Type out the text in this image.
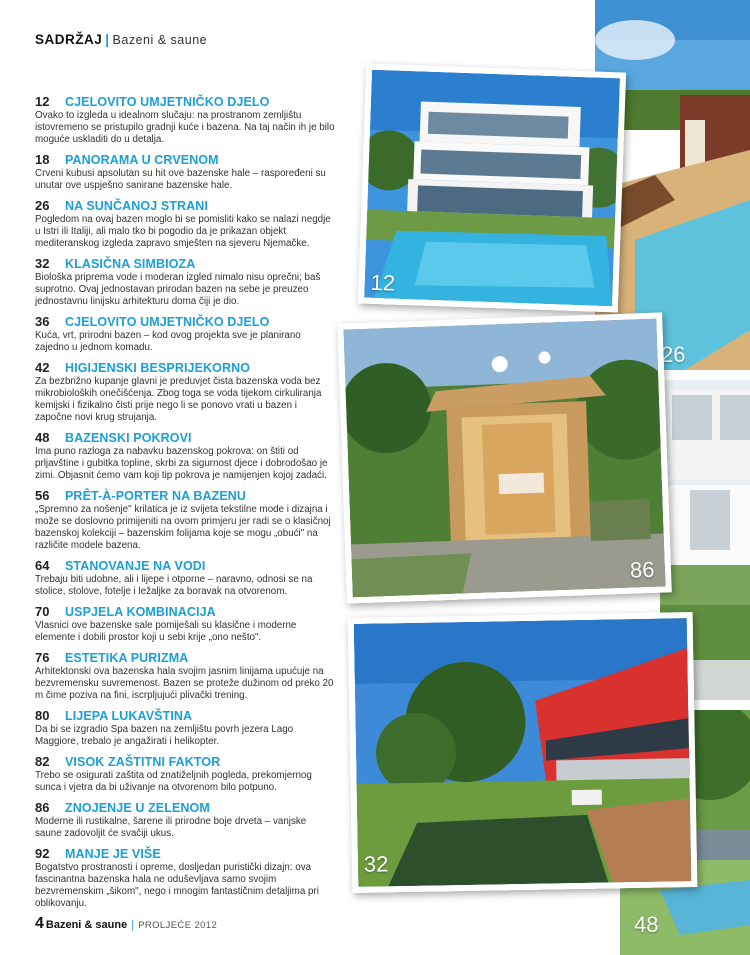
SADRŽAJ | Bazeni & saune
12	CJELOVITO UMJETNIČKO DJELO
Ovako to izgleda u idealnom slučaju: na prostranom zemljištu istovremeno se pristupilo gradnji kuće i bazena. Na taj način ih je bilo moguće uskladiti do u detalja.
18	PANORAMA U CRVENOM
Crveni kubusi apsolutan su hit ove bazenske hale – raspoređeni su unutar ove uspješno sanirane bazenske hale.
26	NA SUNČANOJ STRANI
Pogledom na ovaj bazen moglo bi se pomisliti kako se nalazi negdje u Istri ili Italiji, ali malo tko bi pogodio da je prikazan objekt mediteranskog izgleda zapravo smješten na sjeveru Njemačke.
32	KLASIČNA SIMBIOZA
Biološka priprema vode i moderan izgled nimalo nisu oprečni; baš suprotno. Ovaj jednostavan prirodan bazen na sebe je preuzeo jednostavnu linijsku arhitekturu doma čiji je dio.
36	CJELOVITO UMJETNIČKO DJELO
Kuća, vrt, prirodni bazen – kod ovog projekta sve je planirano zajedno u jednom komadu.
42	HIGIJENSKI BESPRIJEKORNO
Za bezbrižno kupanje glavni je preduvjet čista bazenska voda bez mikrobioloških onečišćenja. Zbog toga se voda tijekom cirkuliranja kemijski i fizikalno čisti prije nego li se ponovo vrati u bazen i započne novi krug strujanja.
48	BAZENSKI POKROVI
Ima puno razloga za nabavku bazenskog pokrova: on štiti od prljavštine i gubitka topline, skrbi za sigurnost djece i dobrodošao je zimi. Objasnit ćemo vam koji tip pokrova je namijenjen kojoj zadaći.
56	PRÊT-À-PORTER NA BAZENU
„Spremno za nošenje" krilatica je iz svijeta tekstilne mode i dizajna i može se doslovno primijeniti na ovom primjeru jer radi se o klasičnoj bazenskoj kolekciji – bazenskim folijama koje se mogu „obući" na različite modele bazena.
64	STANOVANJE NA VODI
Trebaju biti udobne, ali i lijepe i otporne – naravno, odnosi se na stolice, stolove, fotelje i ležaljke za boravak na otvorenom.
70	USPJELA KOMBINACIJA
Vlasnici ove bazenske sale pomiješali su klasične i moderne elemente i dobili prostor koji u sebi krije „ono nešto".
76	ESTETIKA PURIZMA
Arhitektonski ova bazenska hala svojim jasnim linijama upućuje na bezvremensku suvremenost. Bazen se proteže dužinom od preko 20 m čime poziva na fini, iscrpljujući plivački trening.
80	LIJEPA LUKAVŠTINA
Da bi se izgradio Spa bazen na zemljištu povrh jezera Lago Maggiore, trebalo je angažirati i helikopter.
82	VISOK ZAŠTITNI FAKTOR
Trebo se osigurati zaštita od znatiželjnih pogleda, prekomjernog sunca i vjetra da bi uživanje na otvorenom bilo potpuno.
86	ZNOJENJE U ZELENOM
Moderne ili rustikalne, šarene ili prirodne boje drveta – vanjske saune zadovoljit će svačiji ukus.
92	MANJE JE VIŠE
Bogatstvo prostranosti i opreme, dosljedan puristički dizajn: ova fascinantna bazenska hala ne oduševljava samo svojim bezvremenskim „šikom", nego i mnogim fantastičnim detaljima pri oblikovanju.
26
48
12
86
32
4 Bazeni & saune | PROLJEĆE 2012
